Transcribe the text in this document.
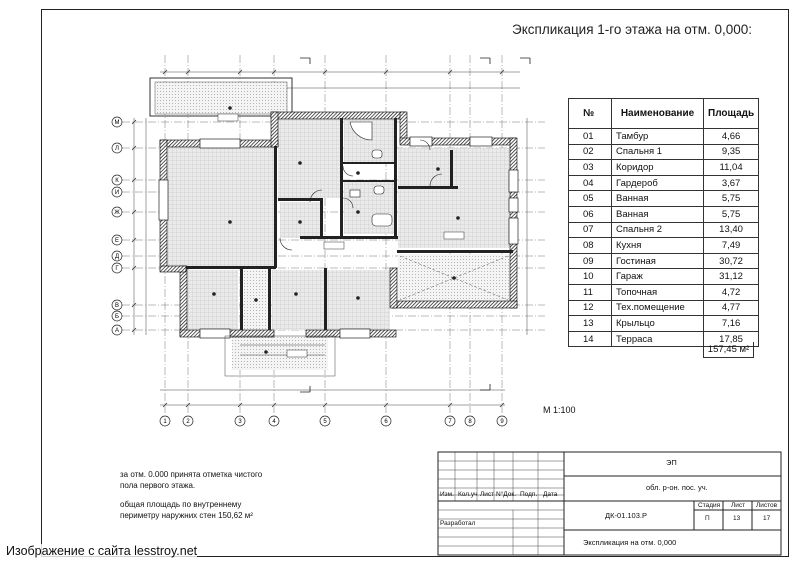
Экспликация 1-го этажа на отм. 0,000:
1	2	3	4	5	6	7	8	9
М
Л
К
И
Ж
Е
Д
Г
В
Б
А
№	Наименование	Площадь
01	Тамбур	4,66
02	Спальня 1	9,35
03	Коридор	11,04
04	Гардероб	3,67
05	Ванная	5,75
06	Ванная	5,75
07	Спальня 2	13,40
08	Кухня	7,49
09	Гостиная	30,72
10	Гараж	31,12
11	Топочная	4,72
12	Тех.помещение	4,77
13	Крыльцо	7,16
14	Терраса	17,85
157,45 м²
М 1:100
за отм. 0.000 принята отметка чистого
пола первого этажа.
общая площадь по внутреннему
периметру наружних стен 150,62 м²
Изм. Кол.уч Лист N°Док. Подп. Дата
Разработал
ЭП
обл. р-он. пос. уч.
ДК-01.103.Р
Экспликация на отм. 0,000
Стадия Лист Листов
П	13	17
Изображение с сайта lesstroy.net
